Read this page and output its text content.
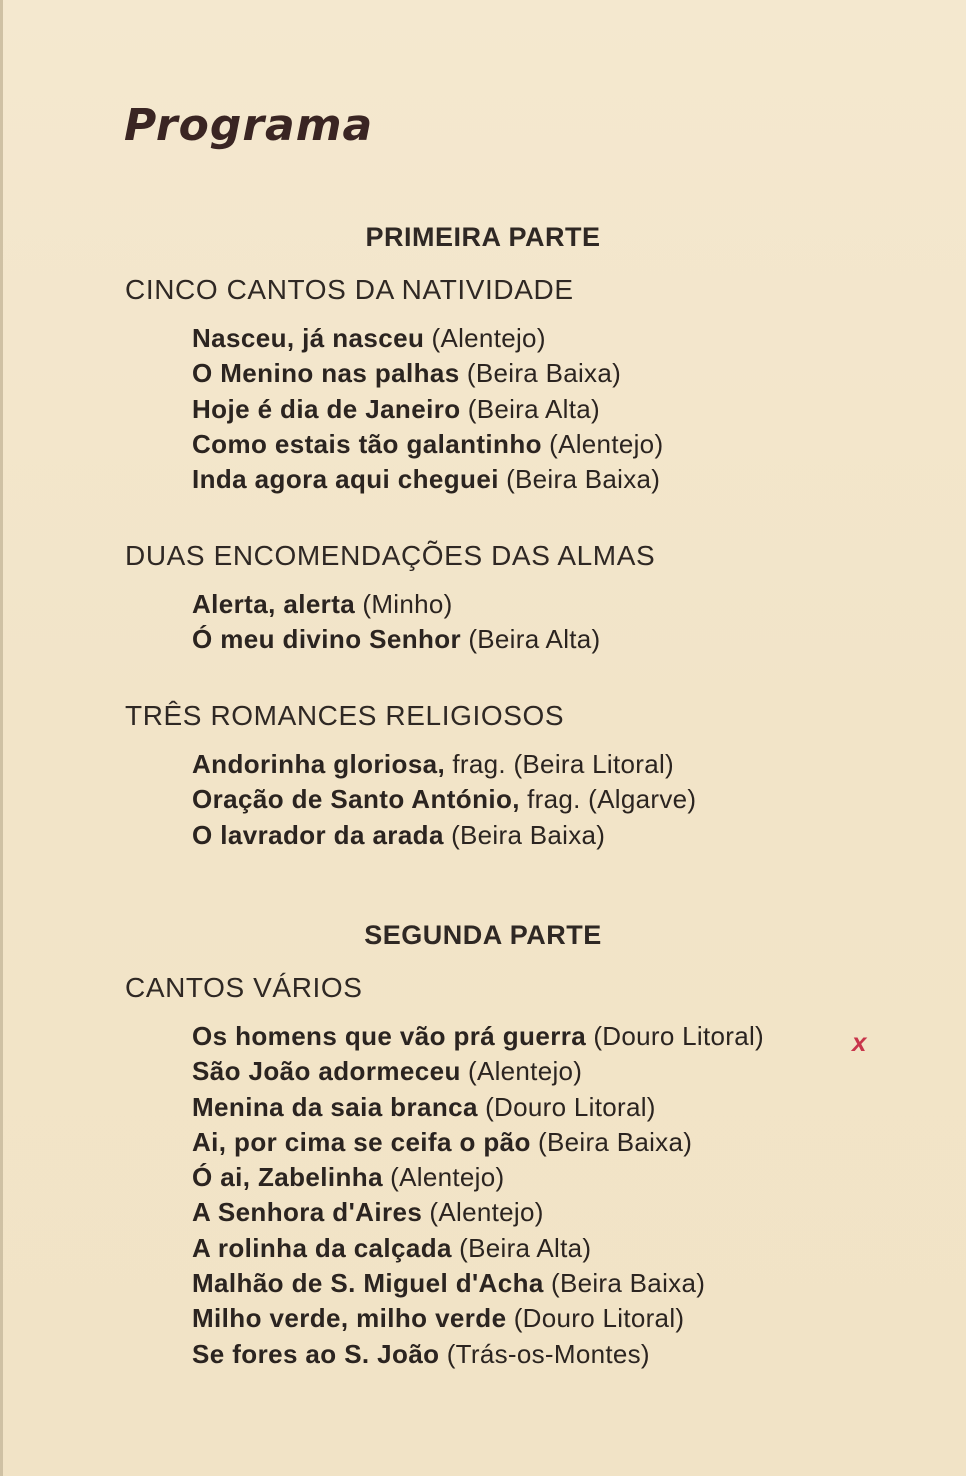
Programa
PRIMEIRA PARTE
CINCO CANTOS DA NATIVIDADE
Nasceu, já nasceu (Alentejo)
O Menino nas palhas (Beira Baixa)
Hoje é dia de Janeiro (Beira Alta)
Como estais tão galantinho (Alentejo)
Inda agora aqui cheguei (Beira Baixa)
DUAS ENCOMENDAÇÕES DAS ALMAS
Alerta, alerta (Minho)
Ó meu divino Senhor (Beira Alta)
TRÊS ROMANCES RELIGIOSOS
Andorinha gloriosa, frag. (Beira Litoral)
Oração de Santo António, frag. (Algarve)
O lavrador da arada (Beira Baixa)
SEGUNDA PARTE
CANTOS VÁRIOS
Os homens que vão prá guerra (Douro Litoral)
São João adormeceu (Alentejo)
Menina da saia branca (Douro Litoral)
Ai, por cima se ceifa o pão (Beira Baixa)
Ó ai, Zabelinha (Alentejo)
A Senhora d'Aires (Alentejo)
A rolinha da calçada (Beira Alta)
Malhão de S. Miguel d'Acha (Beira Baixa)
Milho verde, milho verde (Douro Litoral)
Se fores ao S. João (Trás-os-Montes)
x
